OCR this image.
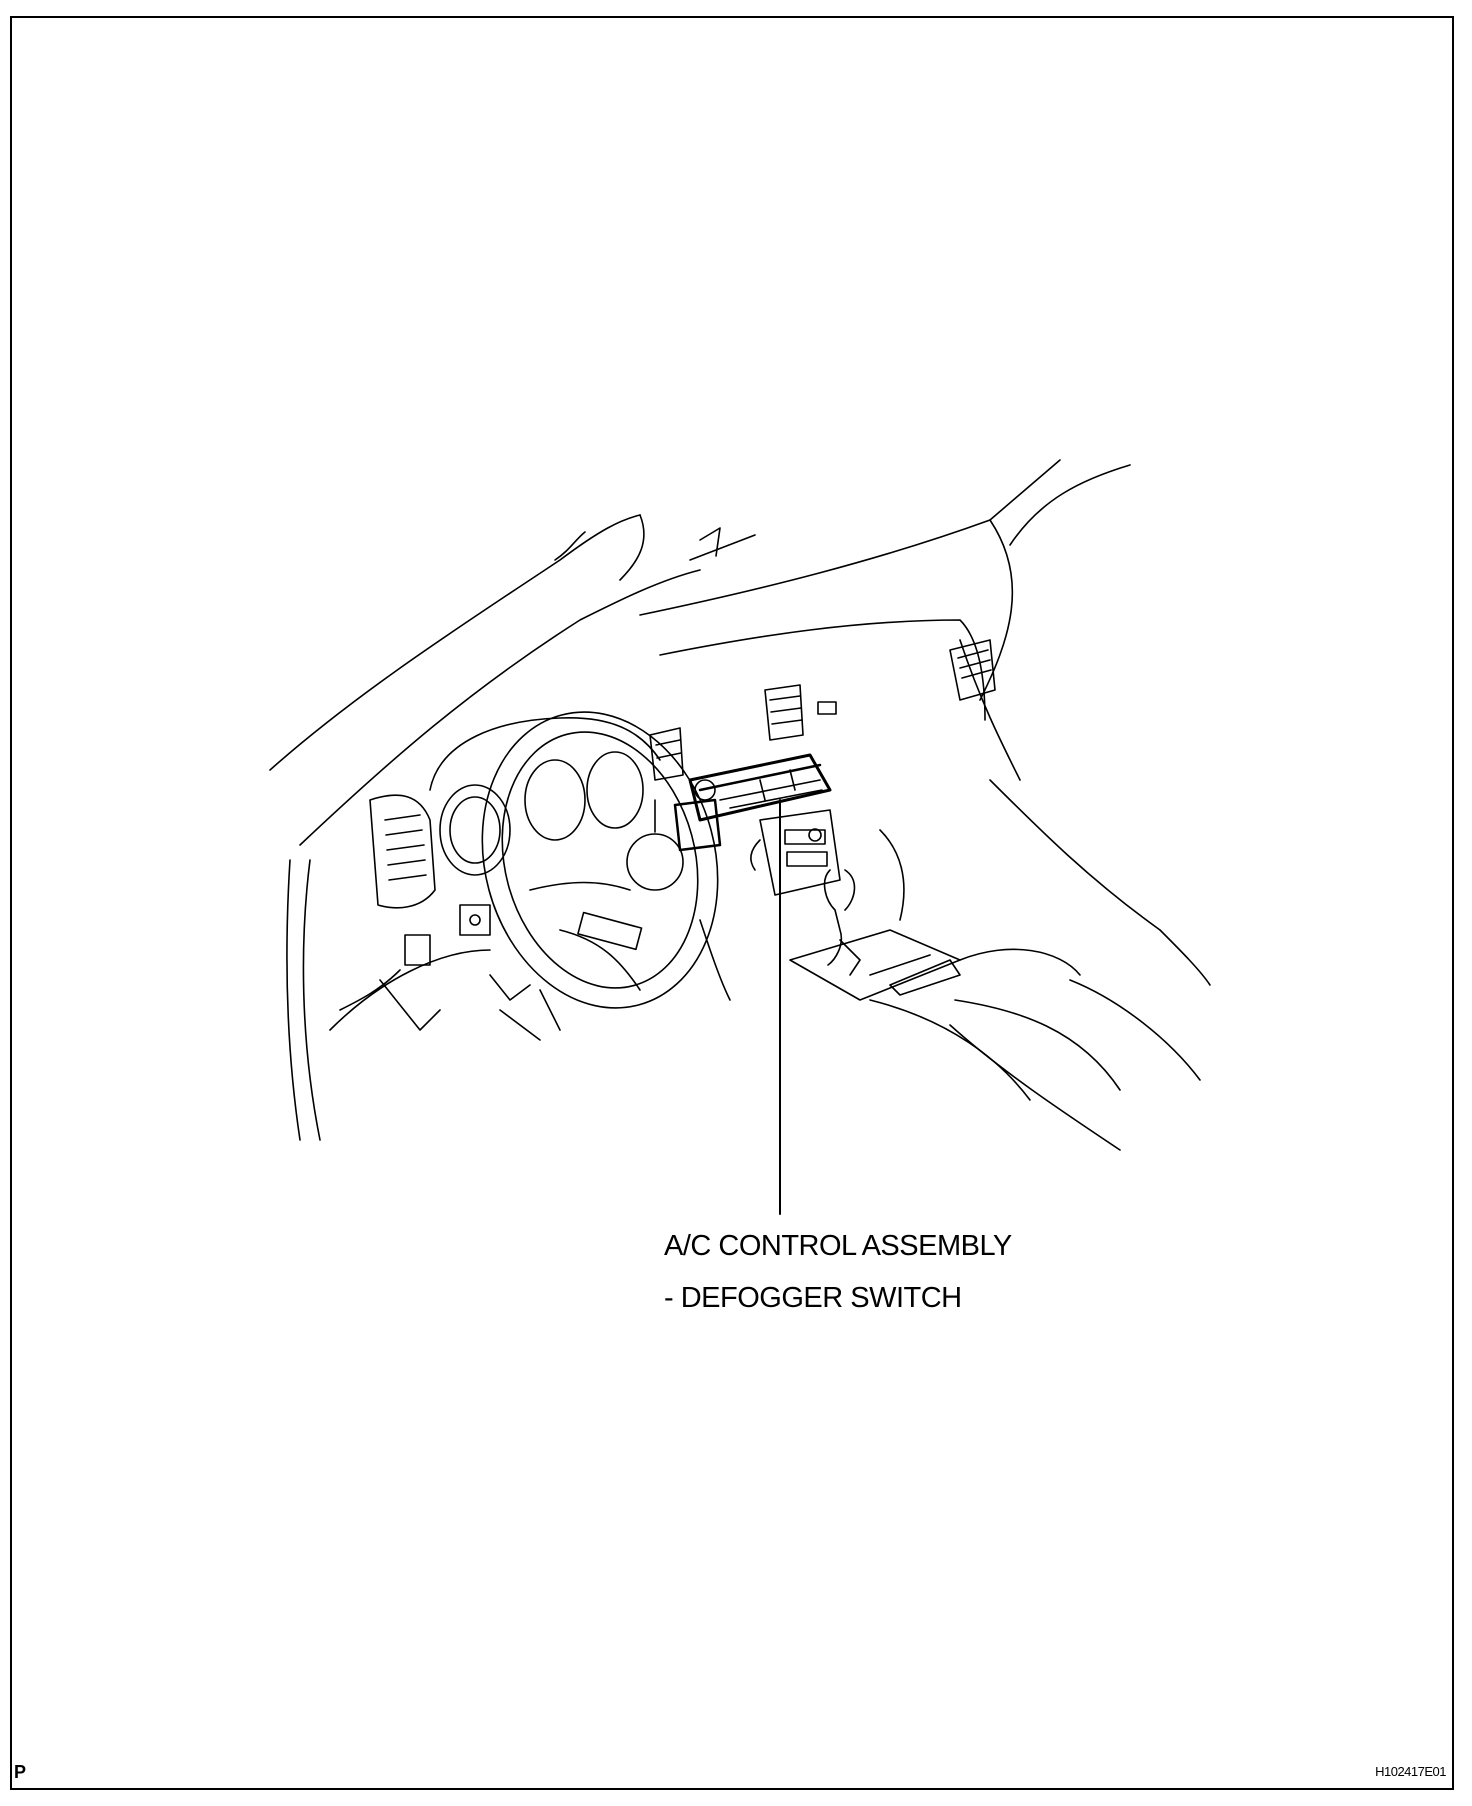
A/C CONTROL ASSEMBLY
- DEFOGGER SWITCH
P	H102417E01
